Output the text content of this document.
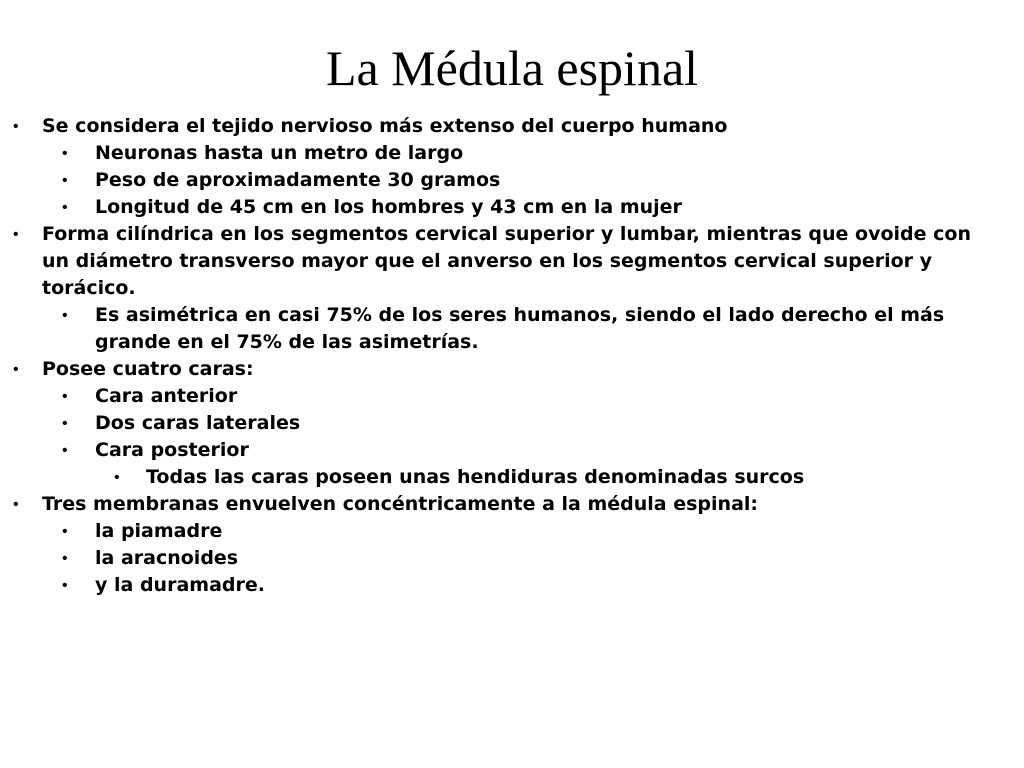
La Médula espinal
• Se considera el tejido nervioso más extenso del cuerpo humano
• Neuronas hasta un metro de largo
• Peso de aproximadamente 30 gramos
• Longitud de 45 cm en los hombres y 43 cm en la mujer
• Forma cilíndrica en los segmentos cervical superior y lumbar, mientras que ovoide con un diámetro transverso mayor que el anverso en los segmentos cervical superior y torácico.
• Es asimétrica en casi 75% de los seres humanos, siendo el lado derecho el más grande en el 75% de las asimetrías.
• Posee cuatro caras:
• Cara anterior
• Dos caras laterales
• Cara posterior
• Todas las caras poseen unas hendiduras denominadas surcos
• Tres membranas envuelven concéntricamente a la médula espinal:
• la piamadre
• la aracnoides
• y la duramadre.
